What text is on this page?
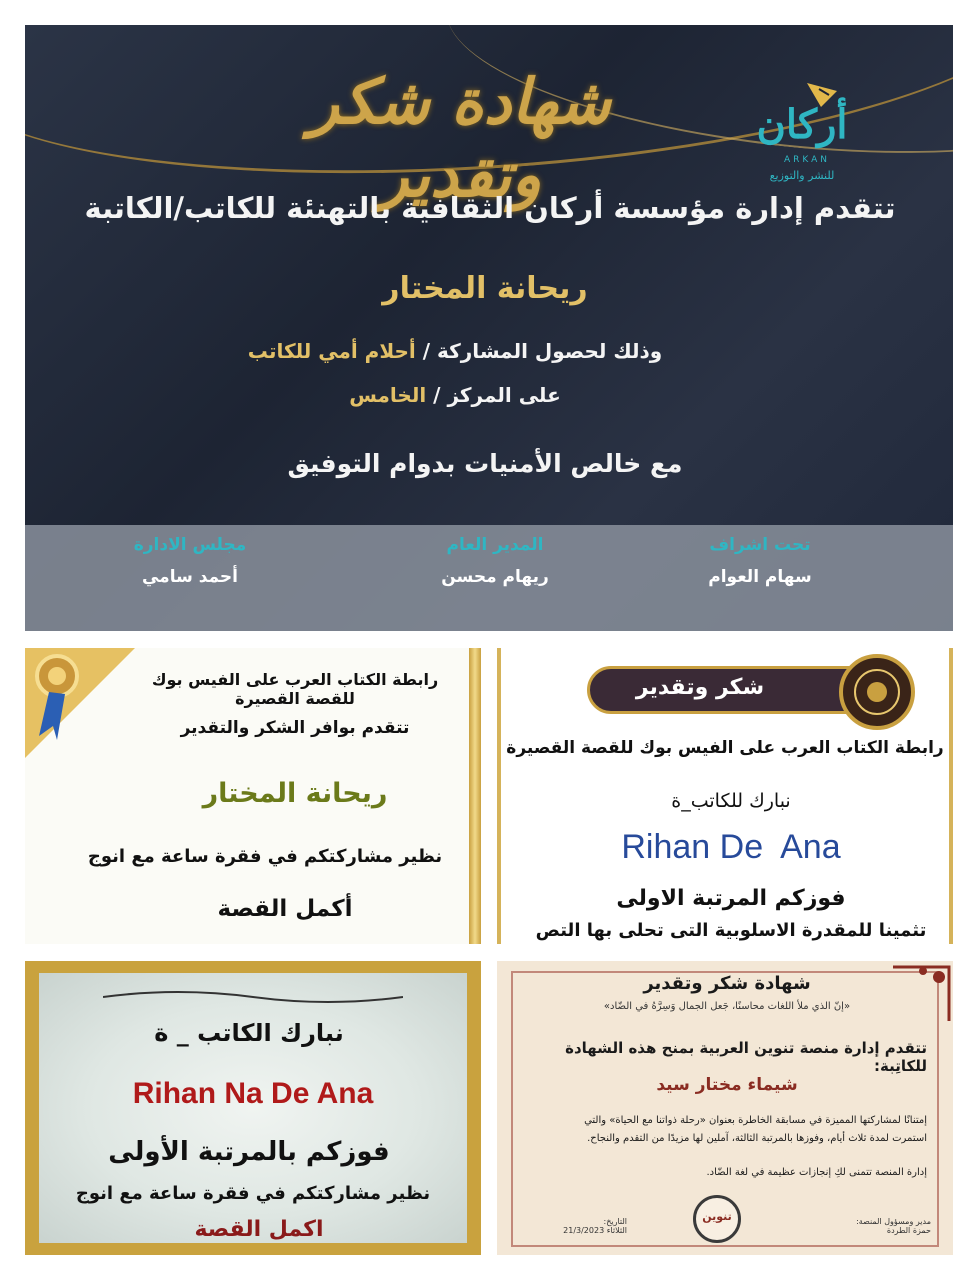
أركان
ARKAN
للنشر والتوزيع
شهادة شكر وتقدير
تتقدم إدارة مؤسسة أركان الثقافية بالتهنئة للكاتب/الكاتبة
ريحانة المختار
وذلك لحصول المشاركة / أحلام أمي للكاتب
على المركز / الخامس
مع خالص الأمنيات بدوام التوفيق
تحت اشراف
سهام العوام
المدير العام
ريهام محسن
مجلس الادارة
أحمد سامي
رابطة الكتاب العرب على الفيس بوك للقصة القصيرة
تتقدم بوافر الشكر والتقدير
ريحانة المختار
نظير مشاركتكم في فقرة ساعة مع انوج
أكمل القصة
شكر وتقدير
رابطة الكتاب العرب على الفيس بوك للقصة القصيرة
نبارك للكاتب_ة
Rihan De  Ana
فوزكم المرتبة الاولى
تثمينا للمقدرة الاسلوبية التى تحلى بها التص
نبارك الكاتب _ ة
Rihan Na De Ana
فوزكم بالمرتبة الأولى
نظير مشاركتكم في فقرة ساعة مع انوج
اكمل القصة
شهادة شكر وتقدير
«إنّ الذي ملأ اللغات محاسنًا، جَعل الجمال وَسِرَّهُ في الضّاد»
تتقدم إدارة منصة تنوين العربية بمنح هذه الشهادة للكاتِبة:
شيماء مختار سيد
إمتنانًا لمشاركتها المميزة في مسابقة الخاطرة بعنوان «رحلة ذواتنا مع الحياة» والتي
استمرت لمدة ثلاث أيام، وفوزها بالمرتبة الثالثة، آملين لها مزيدًا من التقدم والنجاح.
إدارة المنصة تتمنى لكِ إنجازات عظيمة في لغة الضّاد.
مدير ومسؤول المنصة:
حمزة الطردة
تنوين
التاريخ:
الثلاثاء 21/3/2023
